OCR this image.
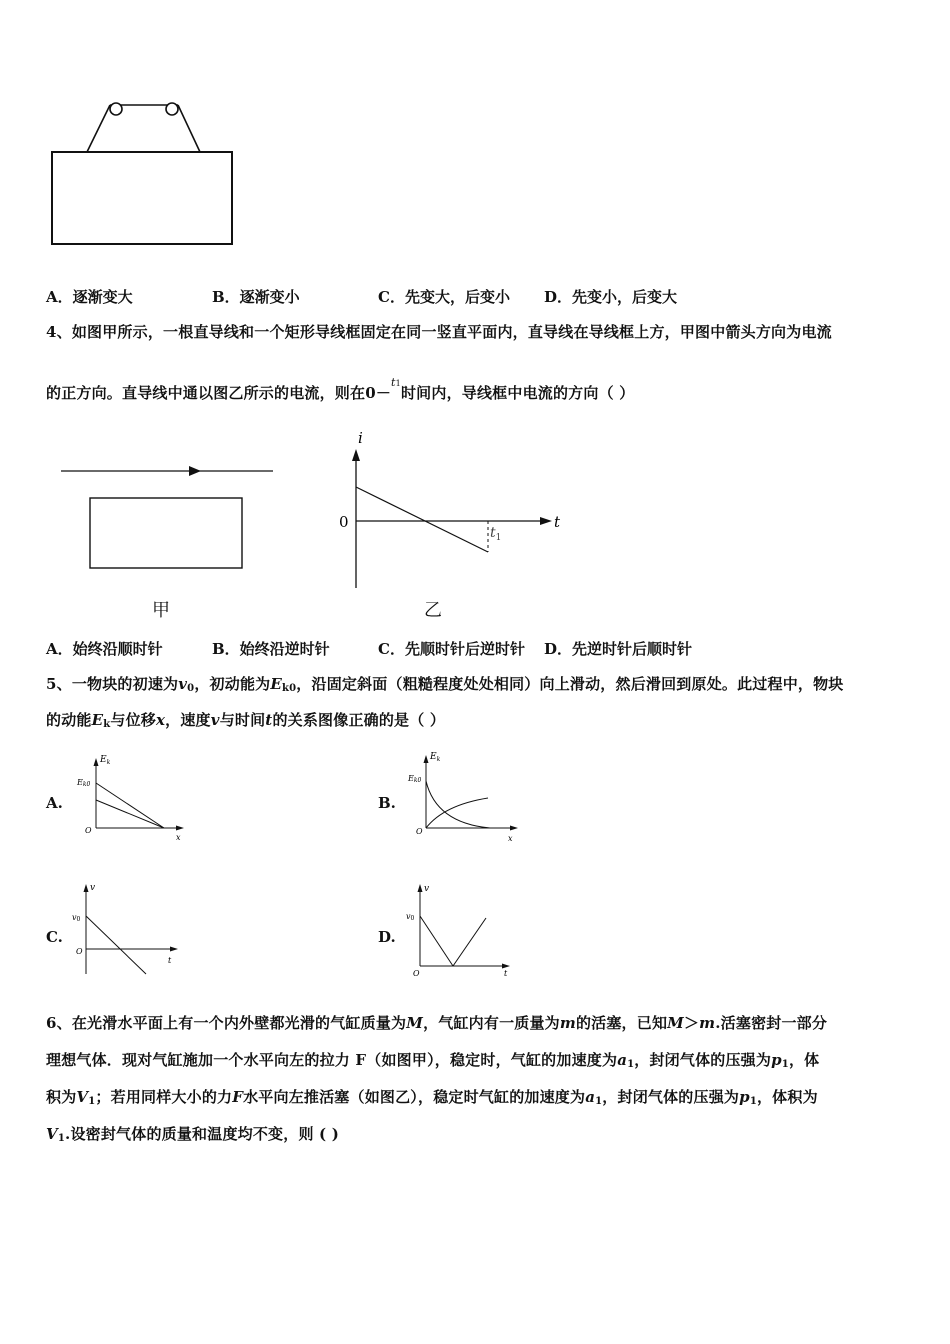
A．逐渐变大	B．逐渐变小	C．先变大，后变小 D．先变小，后变大
4、如图甲所示，一根直导线和一个矩形导线框固定在同一竖直平面内，直导线在导线框上方，甲图中箭头方向为电流
的正方向。直导线中通以图乙所示的电流，则在0－$^{t1}$时间内，导线框中电流的方向（ ）
甲
i
t
0
$t_1$
乙
A．始终沿顺时针	B．始终沿逆时针	C．先顺时针后逆时针 D．先逆时针后顺时针
5、一物块的初速为$v_0$，初动能为$E_{k0}$，沿固定斜面（粗糙程度处处相同）向上滑动，然后滑回到原处。此过程中，物块
的动能$E_k$与位移x，速度v与时间t的关系图像正确的是（ ）
A.
$E_k$
Ek0
O
x
B.
$E_k$
Ek0
O
x
C.
v
v0
O
t
D.
v
v0
O	t
6、在光滑水平面上有一个内外壁都光滑的气缸质量为M，气缸内有一质量为m的活塞，已知M＞m.活塞密封一部分
理想气体．现对气缸施加一个水平向左的拉力 F（如图甲），稳定时，气缸的加速度为$a_1$，封闭气体的压强为$p_1$，体
积为$V_1$；若用同样大小的力F水平向左推活塞（如图乙），稳定时气缸的加速度为$a_1$，封闭气体的压强为$p_1$，体积为
$V_1$.设密封气体的质量和温度均不变，则 ( )
